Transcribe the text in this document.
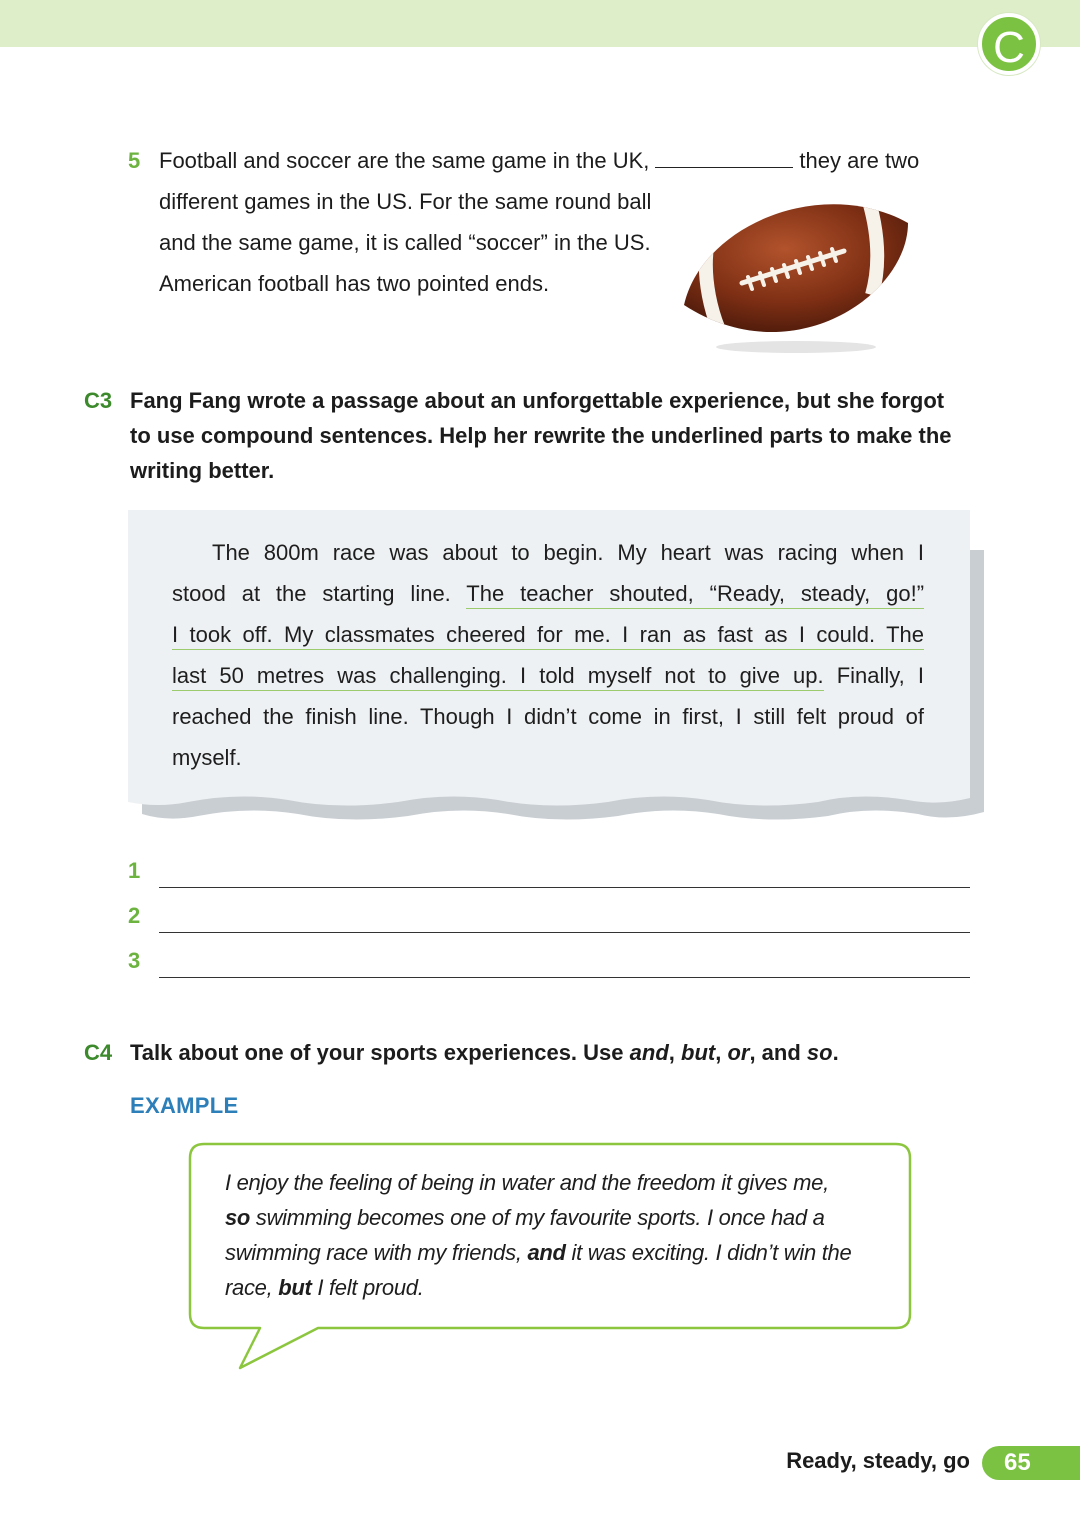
C
5 Football and soccer are the same game in the UK,	they are two
different games in the US. For the same round ball
and the same game, it is called “soccer” in the US.
American football has two pointed ends.
C3 Fang Fang wrote a passage about an unforgettable experience, but she forgot
to use compound sentences. Help her rewrite the underlined parts to make the
writing better.
The 800m race was about to begin. My heart was racing when I
stood at the starting line. The teacher shouted, “Ready, steady, go!”
I took off. My classmates cheered for me. I ran as fast as I could. The
last 50 metres was challenging. I told myself not to give up. Finally, I
reached the finish line. Though I didn’t come in first, I still felt proud of
myself.
1
2
3
C4 Talk about one of your sports experiences. Use and, but, or, and so.
EXAMPLE
I enjoy the feeling of being in water and the freedom it gives me,
so swimming becomes one of my favourite sports. I once had a
swimming race with my friends, and it was exciting. I didn’t win the
race, but I felt proud.
Ready, steady, go	65
